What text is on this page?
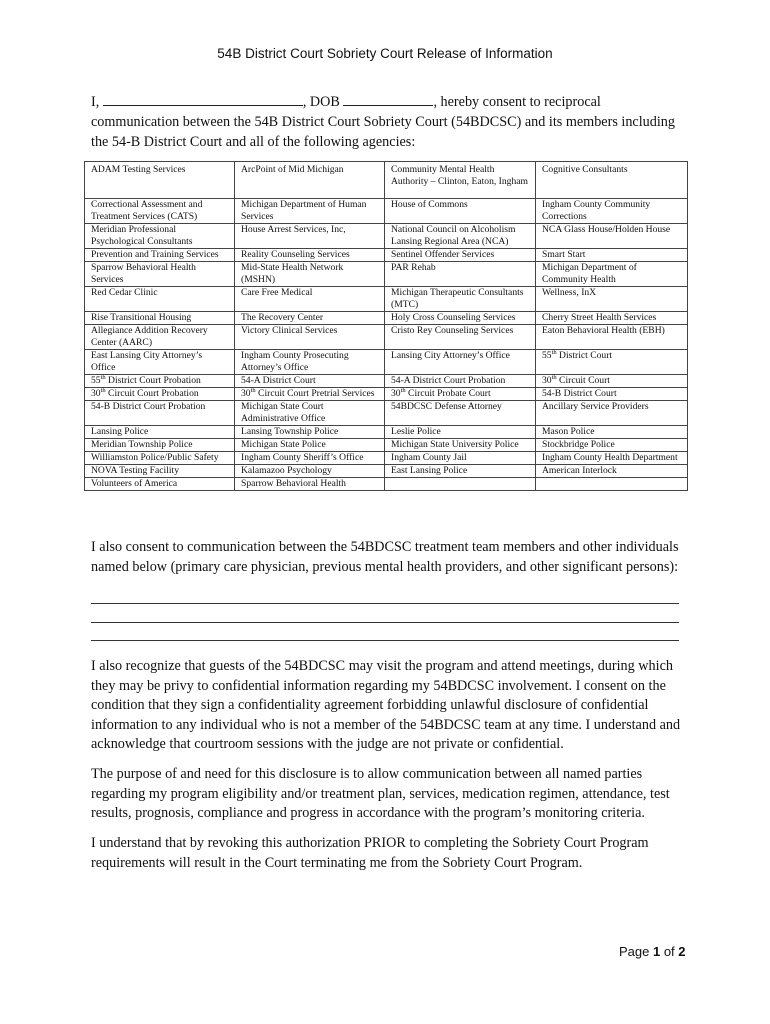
54B District Court Sobriety Court Release of Information
I,	, DOB	, hereby consent to reciprocal
communication between the 54B District Court Sobriety Court (54BDCSC) and its members including
the 54-B District Court and all of the following agencies:
ADAM Testing Services	ArcPoint of Mid Michigan	Community Mental Health Authority – Clinton, Eaton, Ingham	Cognitive Consultants
Correctional Assessment and Treatment Services (CATS)	Michigan Department of Human Services	House of Commons	Ingham County Community Corrections
Meridian Professional Psychological Consultants	House Arrest Services, Inc,	National Council on Alcoholism Lansing Regional Area (NCA)	NCA Glass House/Holden House
Prevention and Training Services	Reality Counseling Services	Sentinel Offender Services	Smart Start
Sparrow Behavioral Health Services	Mid-State Health Network (MSHN)	PAR Rehab	Michigan Department of Community Health
Red Cedar Clinic	Care Free Medical	Michigan Therapeutic Consultants (MTC)	Wellness, InX
Rise Transitional Housing	The Recovery Center	Holy Cross Counseling Services	Cherry Street Health Services
Allegiance Addition Recovery Center (AARC)	Victory Clinical Services	Cristo Rey Counseling Services	Eaton Behavioral Health (EBH)
East Lansing City Attorney’s Office	Ingham County Prosecuting Attorney’s Office	Lansing City Attorney’s Office	55th District Court
55th District Court Probation	54-A District Court	54-A District Court Probation	30th Circuit Court
30th Circuit Court Probation	30th Circuit Court Pretrial Services	30th Circuit Probate Court	54-B District Court
54-B District Court Probation	Michigan State Court Administrative Office	54BDCSC Defense Attorney	Ancillary Service Providers
Lansing Police	Lansing Township Police	Leslie Police	Mason Police
Meridian Township Police	Michigan State Police	Michigan State University Police	Stockbridge Police
Williamston Police/Public Safety	Ingham County Sheriff’s Office	Ingham County Jail	Ingham County Health Department
NOVA Testing Facility	Kalamazoo Psychology	East Lansing Police	American Interlock
Volunteers of America	Sparrow Behavioral Health		
I also consent to communication between the 54BDCSC treatment team members and other individuals named below (primary care physician, previous mental health providers, and other significant persons):
I also recognize that guests of the 54BDCSC may visit the program and attend meetings, during which they may be privy to confidential information regarding my 54BDCSC involvement. I consent on the condition that they sign a confidentiality agreement forbidding unlawful disclosure of confidential information to any individual who is not a member of the 54BDCSC team at any time. I understand and acknowledge that courtroom sessions with the judge are not private or confidential.
The purpose of and need for this disclosure is to allow communication between all named parties regarding my program eligibility and/or treatment plan, services, medication regimen, attendance, test results, prognosis, compliance and progress in accordance with the program’s monitoring criteria.
I understand that by revoking this authorization PRIOR to completing the Sobriety Court Program requirements will result in the Court terminating me from the Sobriety Court Program.
Page 1 of 2
